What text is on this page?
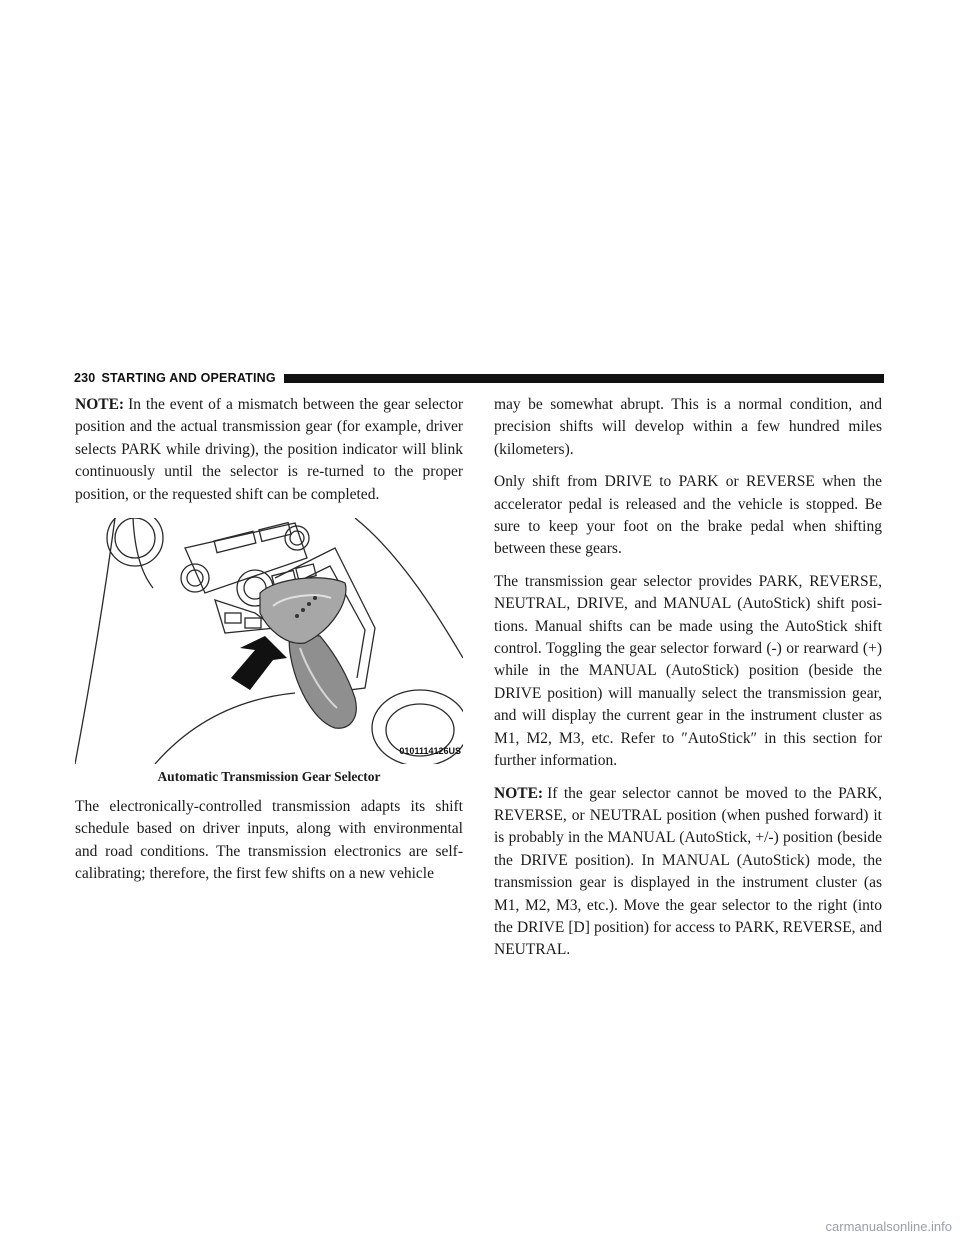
230 STARTING AND OPERATING

NOTE: In the event of a mismatch between the gear selector position and the actual transmission gear (for example, driver selects PARK while driving), the position indicator will blink continuously until the selector is re-turned to the proper position, or the requested shift can be completed.

0101114126US
Automatic Transmission Gear Selector

The electronically-controlled transmission adapts its shift schedule based on driver inputs, along with environmental and road conditions. The transmission electronics are self-calibrating; therefore, the first few shifts on a new vehicle

may be somewhat abrupt. This is a normal condition, and precision shifts will develop within a few hundred miles (kilometers).

Only shift from DRIVE to PARK or REVERSE when the accelerator pedal is released and the vehicle is stopped. Be sure to keep your foot on the brake pedal when shifting between these gears.

The transmission gear selector provides PARK, REVERSE, NEUTRAL, DRIVE, and MANUAL (AutoStick) shift posi-tions. Manual shifts can be made using the AutoStick shift control. Toggling the gear selector forward (-) or rearward (+) while in the MANUAL (AutoStick) position (beside the DRIVE position) will manually select the transmission gear, and will display the current gear in the instrument cluster as M1, M2, M3, etc. Refer to ″AutoStick″ in this section for further information.

NOTE: If the gear selector cannot be moved to the PARK, REVERSE, or NEUTRAL position (when pushed forward) it is probably in the MANUAL (AutoStick, +/-) position (beside the DRIVE position). In MANUAL (AutoStick) mode, the transmission gear is displayed in the instrument cluster (as M1, M2, M3, etc.). Move the gear selector to the right (into the DRIVE [D] position) for access to PARK, REVERSE, and NEUTRAL.

carmanualsonline.info
